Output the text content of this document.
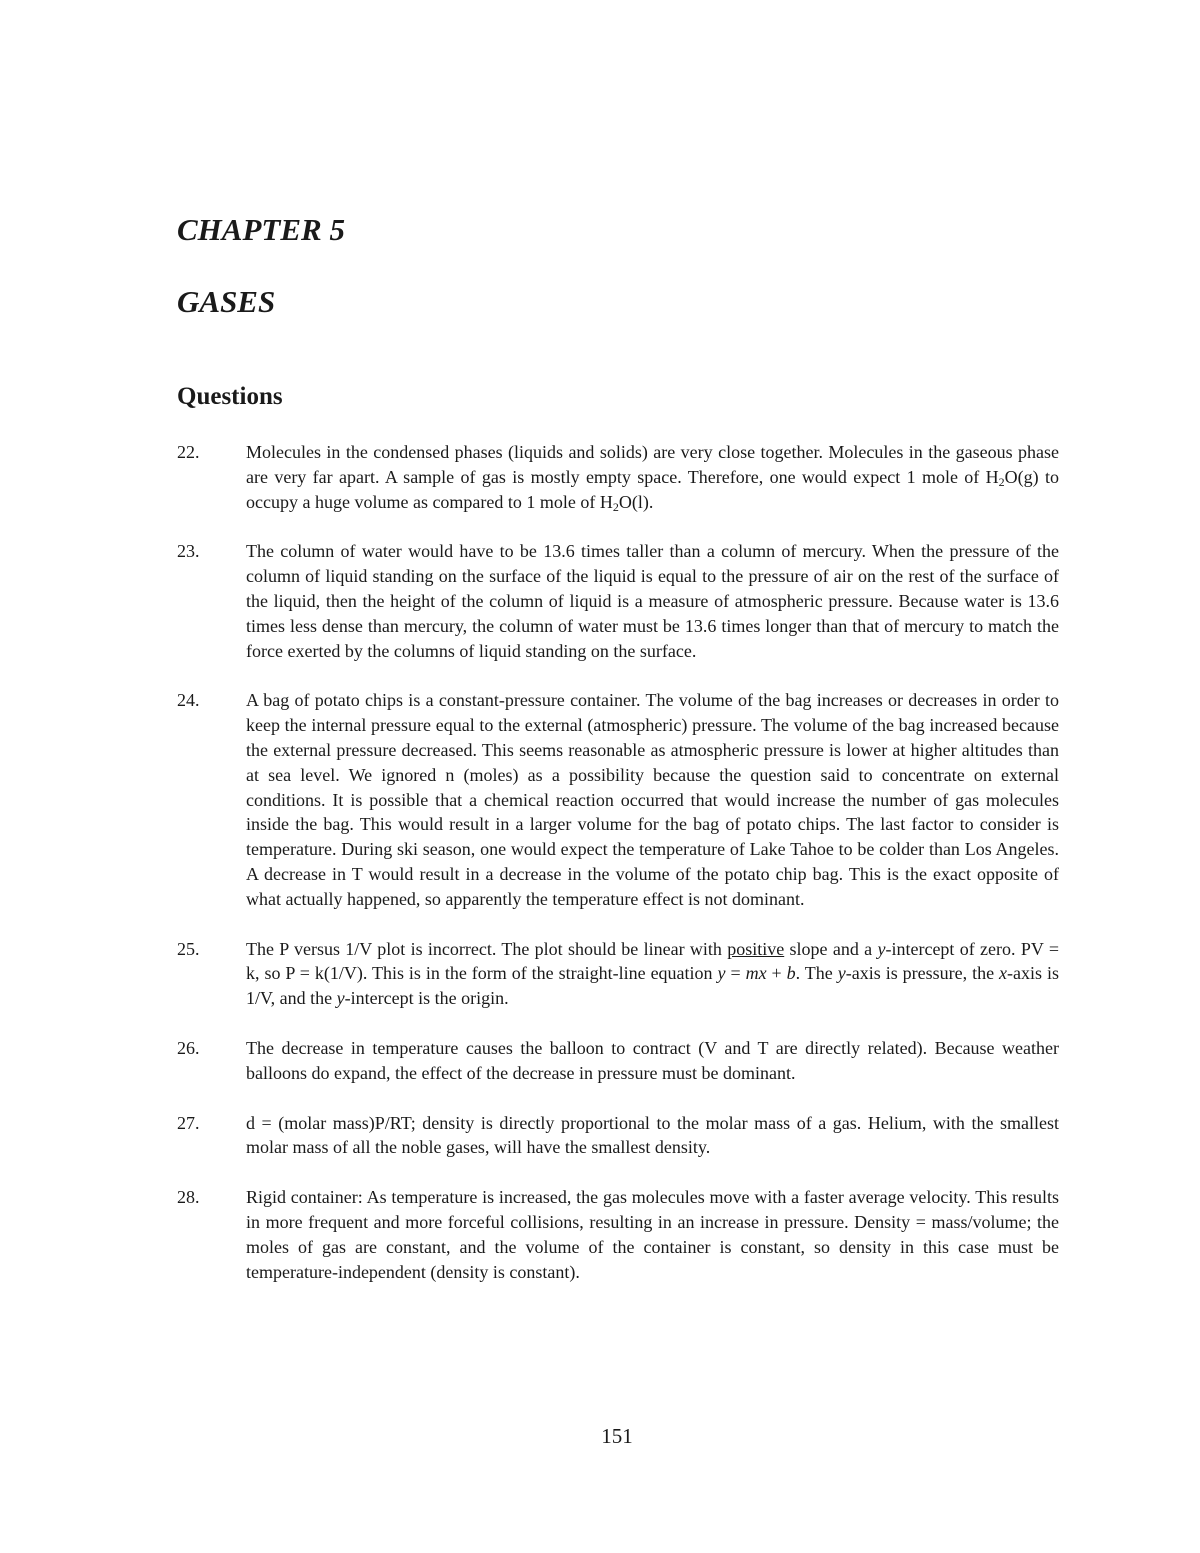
CHAPTER 5
GASES
Questions
22.	Molecules in the condensed phases (liquids and solids) are very close together. Molecules in the gaseous phase are very far apart. A sample of gas is mostly empty space. Therefore, one would expect 1 mole of $H_2O(g)$ to occupy a huge volume as compared to 1 mole of $H_2O(l)$.

23.	The column of water would have to be 13.6 times taller than a column of mercury. When the pressure of the column of liquid standing on the surface of the liquid is equal to the pressure of air on the rest of the surface of the liquid, then the height of the column of liquid is a measure of atmospheric pressure. Because water is 13.6 times less dense than mercury, the column of water must be 13.6 times longer than that of mercury to match the force exerted by the columns of liquid standing on the surface.

24.	A bag of potato chips is a constant-pressure container. The volume of the bag increases or decreases in order to keep the internal pressure equal to the external (atmospheric) pressure. The volume of the bag increased because the external pressure decreased. This seems reasonable as atmospheric pressure is lower at higher altitudes than at sea level. We ignored n (moles) as a possibility because the question said to concentrate on external conditions. It is possible that a chemical reaction occurred that would increase the number of gas molecules inside the bag. This would result in a larger volume for the bag of potato chips. The last factor to consider is temperature. During ski season, one would expect the temperature of Lake Tahoe to be colder than Los Angeles. A decrease in T would result in a decrease in the volume of the potato chip bag. This is the exact opposite of what actually happened, so apparently the temperature effect is not dominant.

25.	The P versus 1/V plot is incorrect. The plot should be linear with positive slope and a y-intercept of zero. PV = k, so P = k(1/V). This is in the form of the straight-line equation y = mx + b. The y-axis is pressure, the x-axis is 1/V, and the y-intercept is the origin.

26.	The decrease in temperature causes the balloon to contract (V and T are directly related). Because weather balloons do expand, the effect of the decrease in pressure must be dominant.

27.	d = (molar mass)P/RT; density is directly proportional to the molar mass of a gas. Helium, with the smallest molar mass of all the noble gases, will have the smallest density.

28.	Rigid container: As temperature is increased, the gas molecules move with a faster average velocity. This results in more frequent and more forceful collisions, resulting in an increase in pressure. Density = mass/volume; the moles of gas are constant, and the volume of the container is constant, so density in this case must be temperature-independent (density is constant).

151
